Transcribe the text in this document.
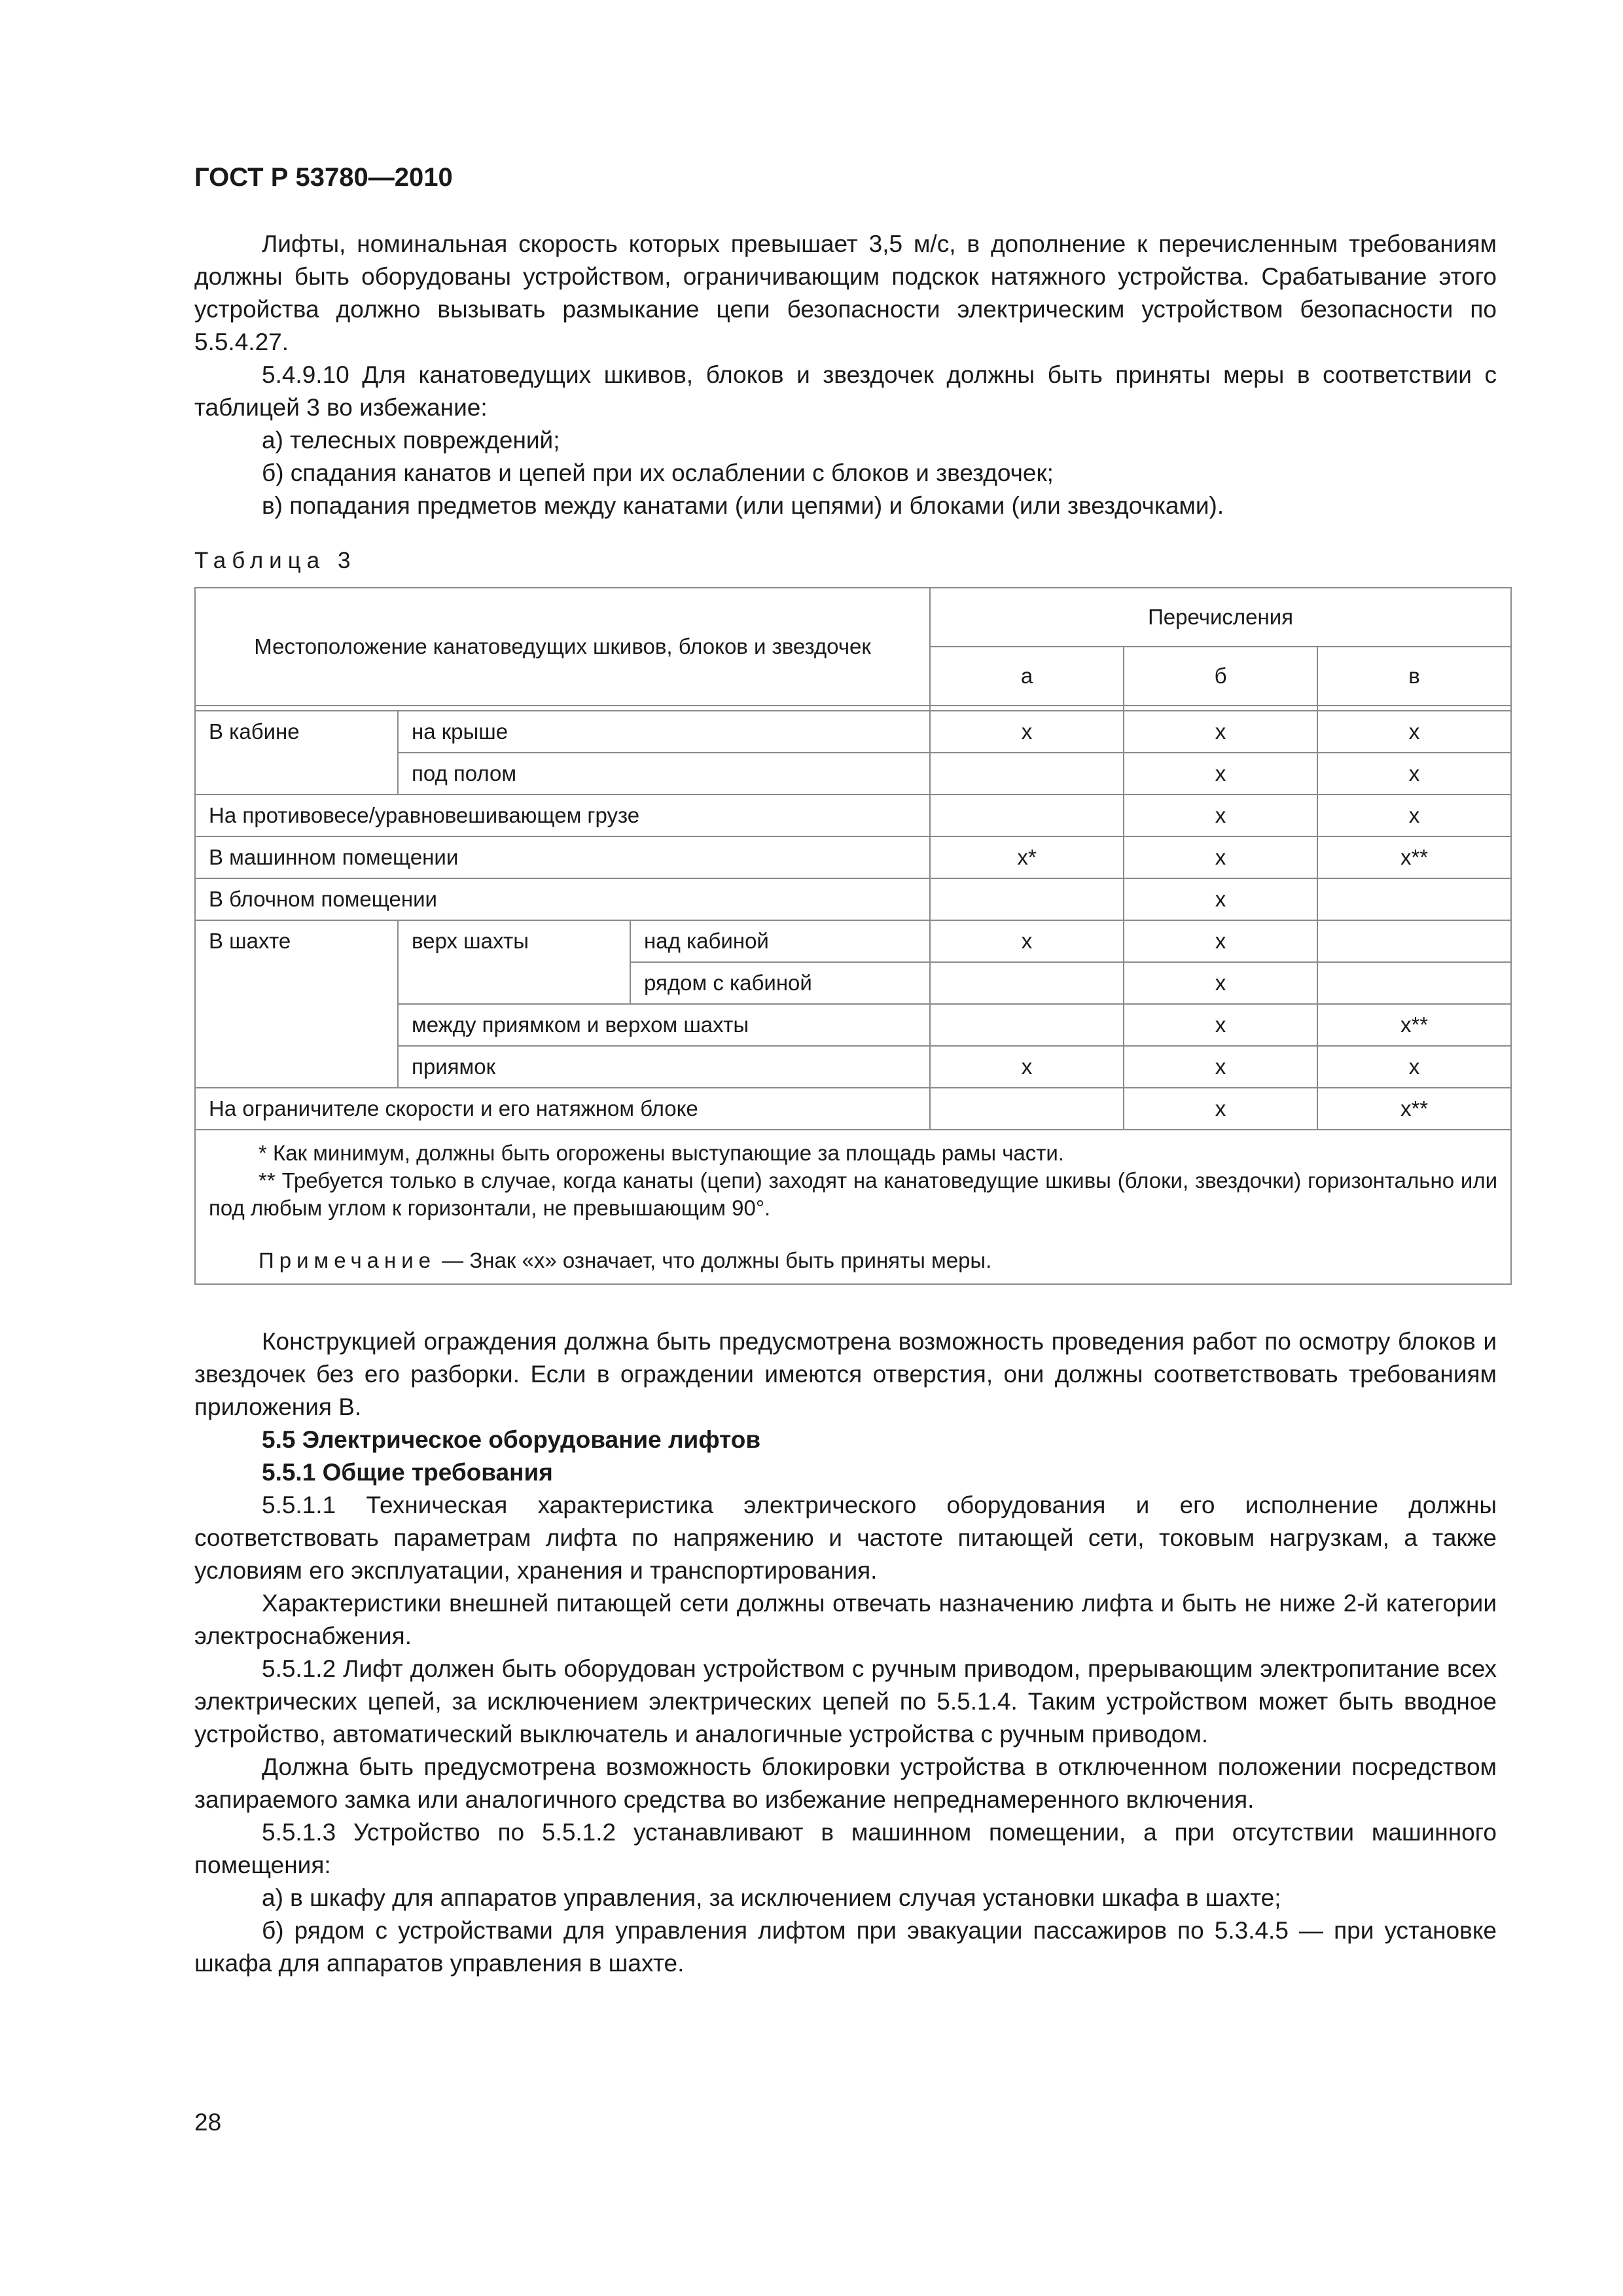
ГОСТ Р 53780—2010

Лифты, номинальная скорость которых превышает 3,5 м/с, в дополнение к перечисленным требованиям должны быть оборудованы устройством, ограничивающим подскок натяжного устройства. Срабатывание этого устройства должно вызывать размыкание цепи безопасности электрическим устройством безопасности по 5.5.4.27.

5.4.9.10 Для канатоведущих шкивов, блоков и звездочек должны быть приняты меры в соответствии с таблицей 3 во избежание:

а) телесных повреждений;

б) спадания канатов и цепей при их ослаблении с блоков и звездочек;

в) попадания предметов между канатами (или цепями) и блоками (или звездочками).

Таблица 3
Местоположение канатоведущих шкивов, блоков и звездочек			Перечисления		
			а	б	в

В кабине	на крыше		х	х	х
	под полом			х	х
На противовесе/уравновешивающем грузе				х	х
В машинном помещении			х*	х	х**
В блочном помещении				х	
В шахте	верх шахты	над кабиной	х	х	
		рядом с кабиной		х	
	между приямком и верхом шахты			х	х**
	приямок		х	х	х
На ограничителе скорости и его натяжном блоке				х	х**

* Как минимум, должны быть огорожены выступающие за площадь рамы части.

** Требуется только в случае, когда канаты (цепи) заходят на канатоведущие шкивы (блоки, звездочки) горизонтально или под любым углом к горизонтали, не превышающим 90°.

Примечание — Знак «х» означает, что должны быть приняты меры.					

Конструкцией ограждения должна быть предусмотрена возможность проведения работ по осмотру блоков и звездочек без его разборки. Если в ограждении имеются отверстия, они должны соответствовать требованиям приложения В.

5.5 Электрическое оборудование лифтов

5.5.1 Общие требования

5.5.1.1 Техническая характеристика электрического оборудования и его исполнение должны соответствовать параметрам лифта по напряжению и частоте питающей сети, токовым нагрузкам, а также условиям его эксплуатации, хранения и транспортирования.

Характеристики внешней питающей сети должны отвечать назначению лифта и быть не ниже 2-й категории электроснабжения.

5.5.1.2 Лифт должен быть оборудован устройством с ручным приводом, прерывающим электропитание всех электрических цепей, за исключением электрических цепей по 5.5.1.4. Таким устройством может быть вводное устройство, автоматический выключатель и аналогичные устройства с ручным приводом.

Должна быть предусмотрена возможность блокировки устройства в отключенном положении посредством запираемого замка или аналогичного средства во избежание непреднамеренного включения.

5.5.1.3 Устройство по 5.5.1.2 устанавливают в машинном помещении, а при отсутствии машинного помещения:

а) в шкафу для аппаратов управления, за исключением случая установки шкафа в шахте;

б) рядом с устройствами для управления лифтом при эвакуации пассажиров по 5.3.4.5 — при установке шкафа для аппаратов управления в шахте.

28
